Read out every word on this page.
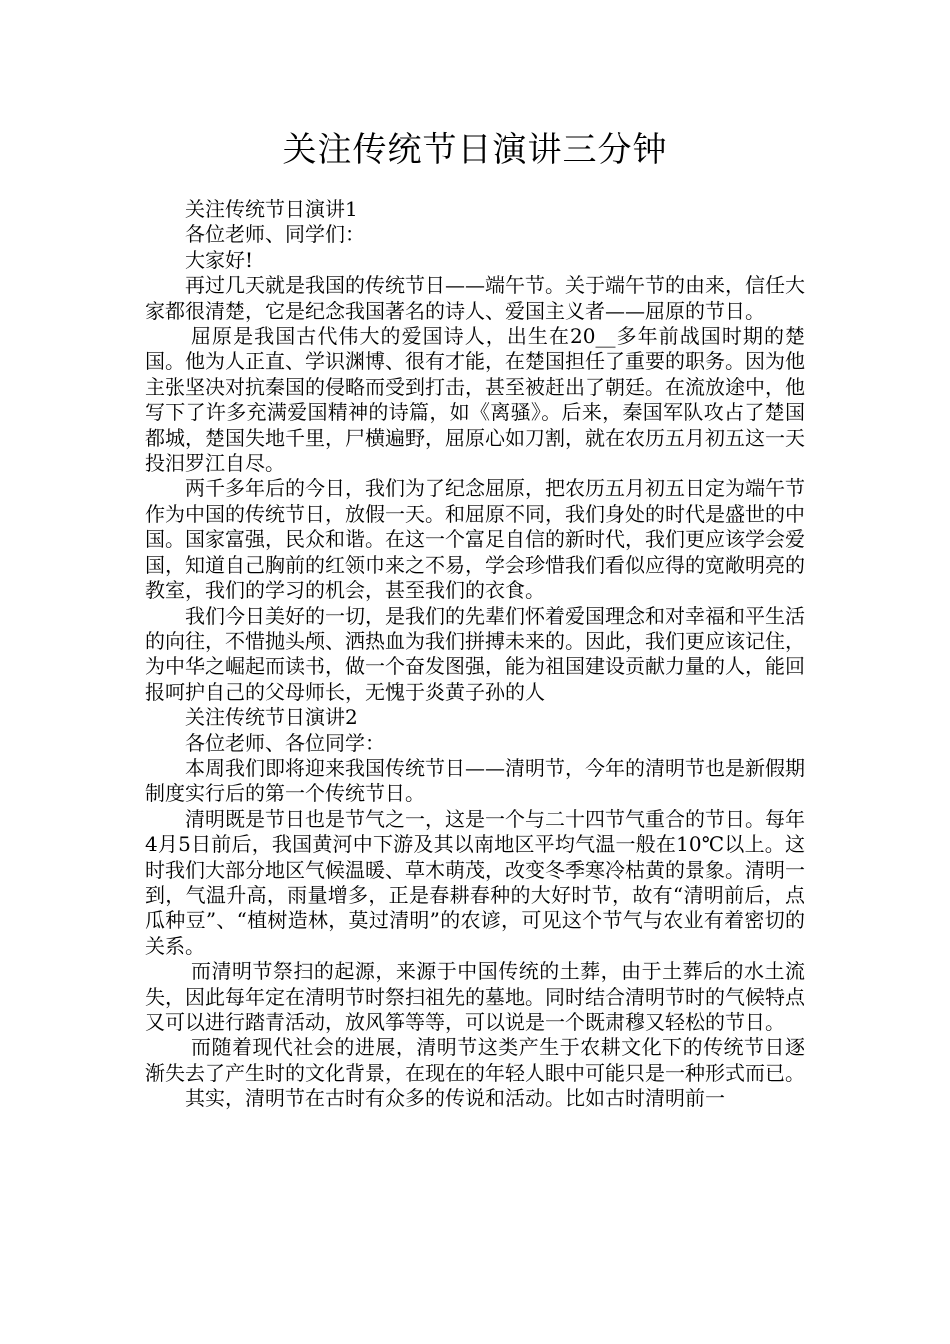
关注传统节日演讲三分钟

关注传统节日演讲1

各位老师、同学们：

大家好!

再过几天就是我国的传统节日——端午节。关于端午节的由来，信任大家都很清楚，它是纪念我国著名的诗人、爱国主义者——屈原的节日。

屈原是我国古代伟大的爱国诗人，出生在20__多年前战国时期的楚国。他为人正直、学识渊博、很有才能，在楚国担任了重要的职务。因为他主张坚决对抗秦国的侵略而受到打击，甚至被赶出了朝廷。在流放途中，他写下了许多充满爱国精神的诗篇，如《离骚》。后来，秦国军队攻占了楚国都城，楚国失地千里，尸横遍野，屈原心如刀割，就在农历五月初五这一天投汨罗江自尽。

两千多年后的今日，我们为了纪念屈原，把农历五月初五日定为端午节作为中国的传统节日，放假一天。和屈原不同，我们身处的时代是盛世的中国。国家富强，民众和谐。在这一个富足自信的新时代，我们更应该学会爱国，知道自己胸前的红领巾来之不易，学会珍惜我们看似应得的宽敞明亮的教室，我们的学习的机会，甚至我们的衣食。

我们今日美好的一切，是我们的先辈们怀着爱国理念和对幸福和平生活的向往，不惜抛头颅、洒热血为我们拼搏未来的。因此，我们更应该记住，为中华之崛起而读书，做一个奋发图强，能为祖国建设贡献力量的人，能回报呵护自己的父母师长，无愧于炎黄子孙的人

关注传统节日演讲2

各位老师、各位同学：

本周我们即将迎来我国传统节日——清明节，今年的清明节也是新假期制度实行后的第一个传统节日。

清明既是节日也是节气之一，这是一个与二十四节气重合的节日。每年4月5日前后，我国黄河中下游及其以南地区平均气温一般在10℃以上。这时我们大部分地区气候温暖、草木萌茂，改变冬季寒冷枯黄的景象。清明一到，气温升高，雨量增多，正是春耕春种的大好时节，故有“清明前后，点瓜种豆”、“植树造林，莫过清明”的农谚，可见这个节气与农业有着密切的关系。

而清明节祭扫的起源，来源于中国传统的土葬，由于土葬后的水土流失，因此每年定在清明节时祭扫祖先的墓地。同时结合清明节时的气候特点又可以进行踏青活动，放风筝等等，可以说是一个既肃穆又轻松的节日。

而随着现代社会的进展，清明节这类产生于农耕文化下的传统节日逐渐失去了产生时的文化背景，在现在的年轻人眼中可能只是一种形式而已。

其实，清明节在古时有众多的传说和活动。比如古时清明前一
